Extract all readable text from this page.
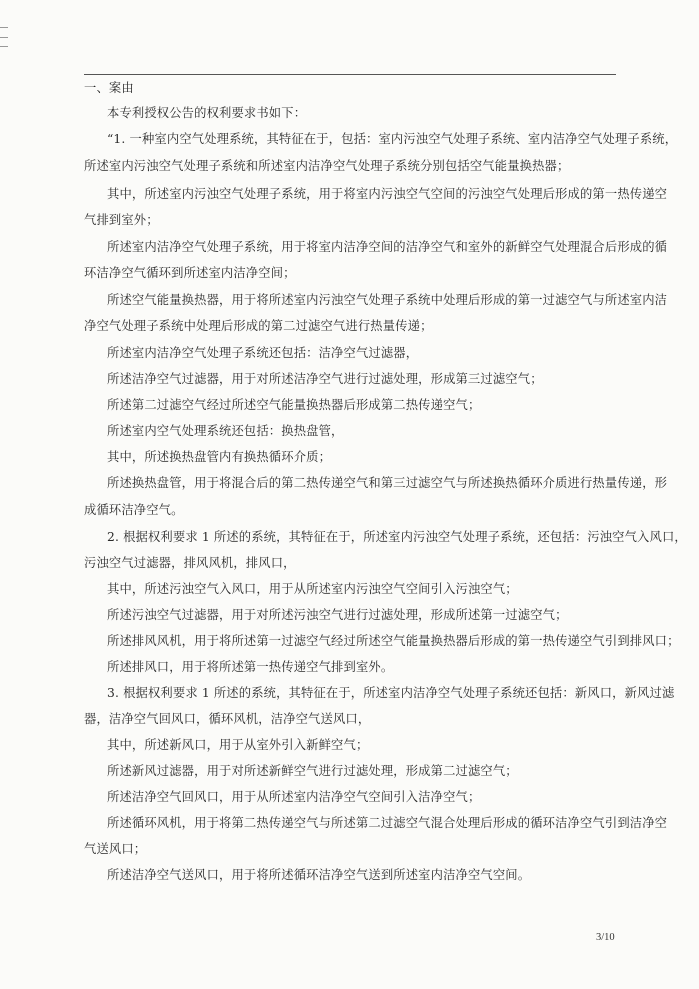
一、案由

本专利授权公告的权利要求书如下：

“1. 一种室内空气处理系统，其特征在于，包括：室内污浊空气处理子系统、室内洁净空气处理子系统，

所述室内污浊空气处理子系统和所述室内洁净空气处理子系统分别包括空气能量换热器；

其中，所述室内污浊空气处理子系统，用于将室内污浊空气空间的污浊空气处理后形成的第一热传递空

气排到室外；

所述室内洁净空气处理子系统，用于将室内洁净空间的洁净空气和室外的新鲜空气处理混合后形成的循

环洁净空气循环到所述室内洁净空间；

所述空气能量换热器，用于将所述室内污浊空气处理子系统中处理后形成的第一过滤空气与所述室内洁

净空气处理子系统中处理后形成的第二过滤空气进行热量传递；

所述室内洁净空气处理子系统还包括：洁净空气过滤器，

所述洁净空气过滤器，用于对所述洁净空气进行过滤处理，形成第三过滤空气；

所述第二过滤空气经过所述空气能量换热器后形成第二热传递空气；

所述室内空气处理系统还包括：换热盘管，

其中，所述换热盘管内有换热循环介质；

所述换热盘管，用于将混合后的第二热传递空气和第三过滤空气与所述换热循环介质进行热量传递，形

成循环洁净空气。

2. 根据权利要求 1 所述的系统，其特征在于，所述室内污浊空气处理子系统，还包括：污浊空气入风口，

污浊空气过滤器，排风风机，排风口，

其中，所述污浊空气入风口，用于从所述室内污浊空气空间引入污浊空气；

所述污浊空气过滤器，用于对所述污浊空气进行过滤处理，形成所述第一过滤空气；

所述排风风机，用于将所述第一过滤空气经过所述空气能量换热器后形成的第一热传递空气引到排风口；

所述排风口，用于将所述第一热传递空气排到室外。

3. 根据权利要求 1 所述的系统，其特征在于，所述室内洁净空气处理子系统还包括：新风口，新风过滤

器，洁净空气回风口，循环风机，洁净空气送风口，

其中，所述新风口，用于从室外引入新鲜空气；

所述新风过滤器，用于对所述新鲜空气进行过滤处理，形成第二过滤空气；

所述洁净空气回风口，用于从所述室内洁净空气空间引入洁净空气；

所述循环风机，用于将第二热传递空气与所述第二过滤空气混合处理后形成的循环洁净空气引到洁净空

气送风口；

所述洁净空气送风口，用于将所述循环洁净空气送到所述室内洁净空气空间。

3/10
